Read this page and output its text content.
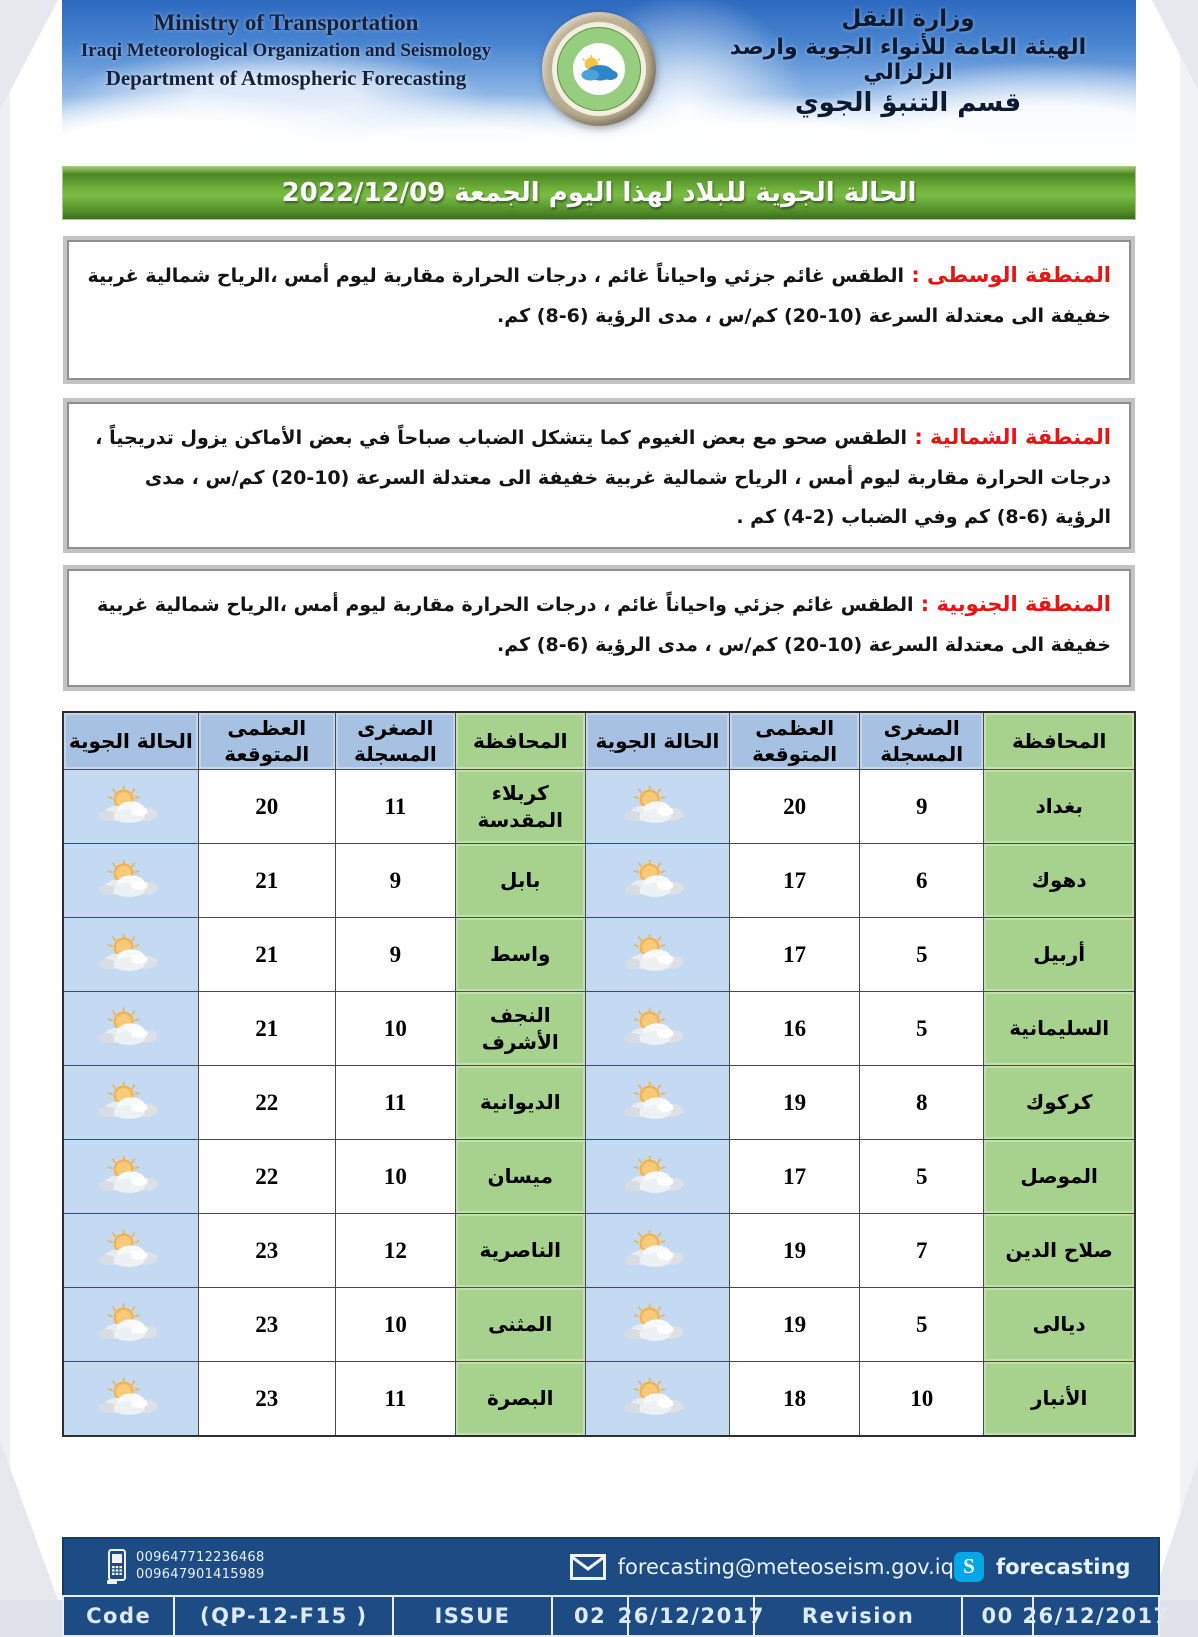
Ministry of Transportation
Iraqi Meteorological Organization and Seismology
Department of Atmospheric Forecasting
وزارة النقل
الهيئة العامة للأنواء الجوية وارصد الزلزالي
قسم التنبؤ الجوي
الحالة الجوية للبلاد لهذا اليوم الجمعة 2022/12/09
المنطقة الوسطى : الطقس غائم جزئي واحياناً غائم ، درجات الحرارة مقاربة ليوم أمس ،الرياح شمالية غربية خفيفة الى معتدلة السرعة (10-20) كم/س ، مدى الرؤية (6-8) كم.
المنطقة الشمالية : الطقس صحو مع بعض الغيوم كما يتشكل الضباب صباحاً في بعض الأماكن يزول تدريجياً ، درجات الحرارة مقاربة ليوم أمس ، الرياح شمالية غربية خفيفة الى معتدلة السرعة (10-20) كم/س ، مدى الرؤية (6-8) كم وفي الضباب (2-4) كم .
المنطقة الجنوبية : الطقس غائم جزئي واحياناً غائم ، درجات الحرارة مقاربة ليوم أمس ،الرياح شمالية غربية خفيفة الى معتدلة السرعة (10-20) كم/س ، مدى الرؤية (6-8) كم.
المحافظة	الصغرى المسجلة	العظمى المتوقعة	الحالة الجوية	المحافظة	الصغرى المسجلة	العظمى المتوقعة	الحالة الجوية
بغداد	9	20		كربلاء المقدسة	11	20	
دهوك	6	17		بابل	9	21	
أربيل	5	17		واسط	9	21	
السليمانية	5	16		النجف الأشرف	10	21	
كركوك	8	19		الديوانية	11	22	
الموصل	5	17		ميسان	10	22	
صلاح الدين	7	19		الناصرية	12	23	
ديالى	5	19		المثنى	10	23	
الأنبار	10	18		البصرة	11	23	
009647712236468
009647901415989	forecasting@meteoseism.gov.iq S	forecasting
Code	(QP-12-F15 )	ISSUE	02 26/12/2017	Revision	00 26/12/2017
